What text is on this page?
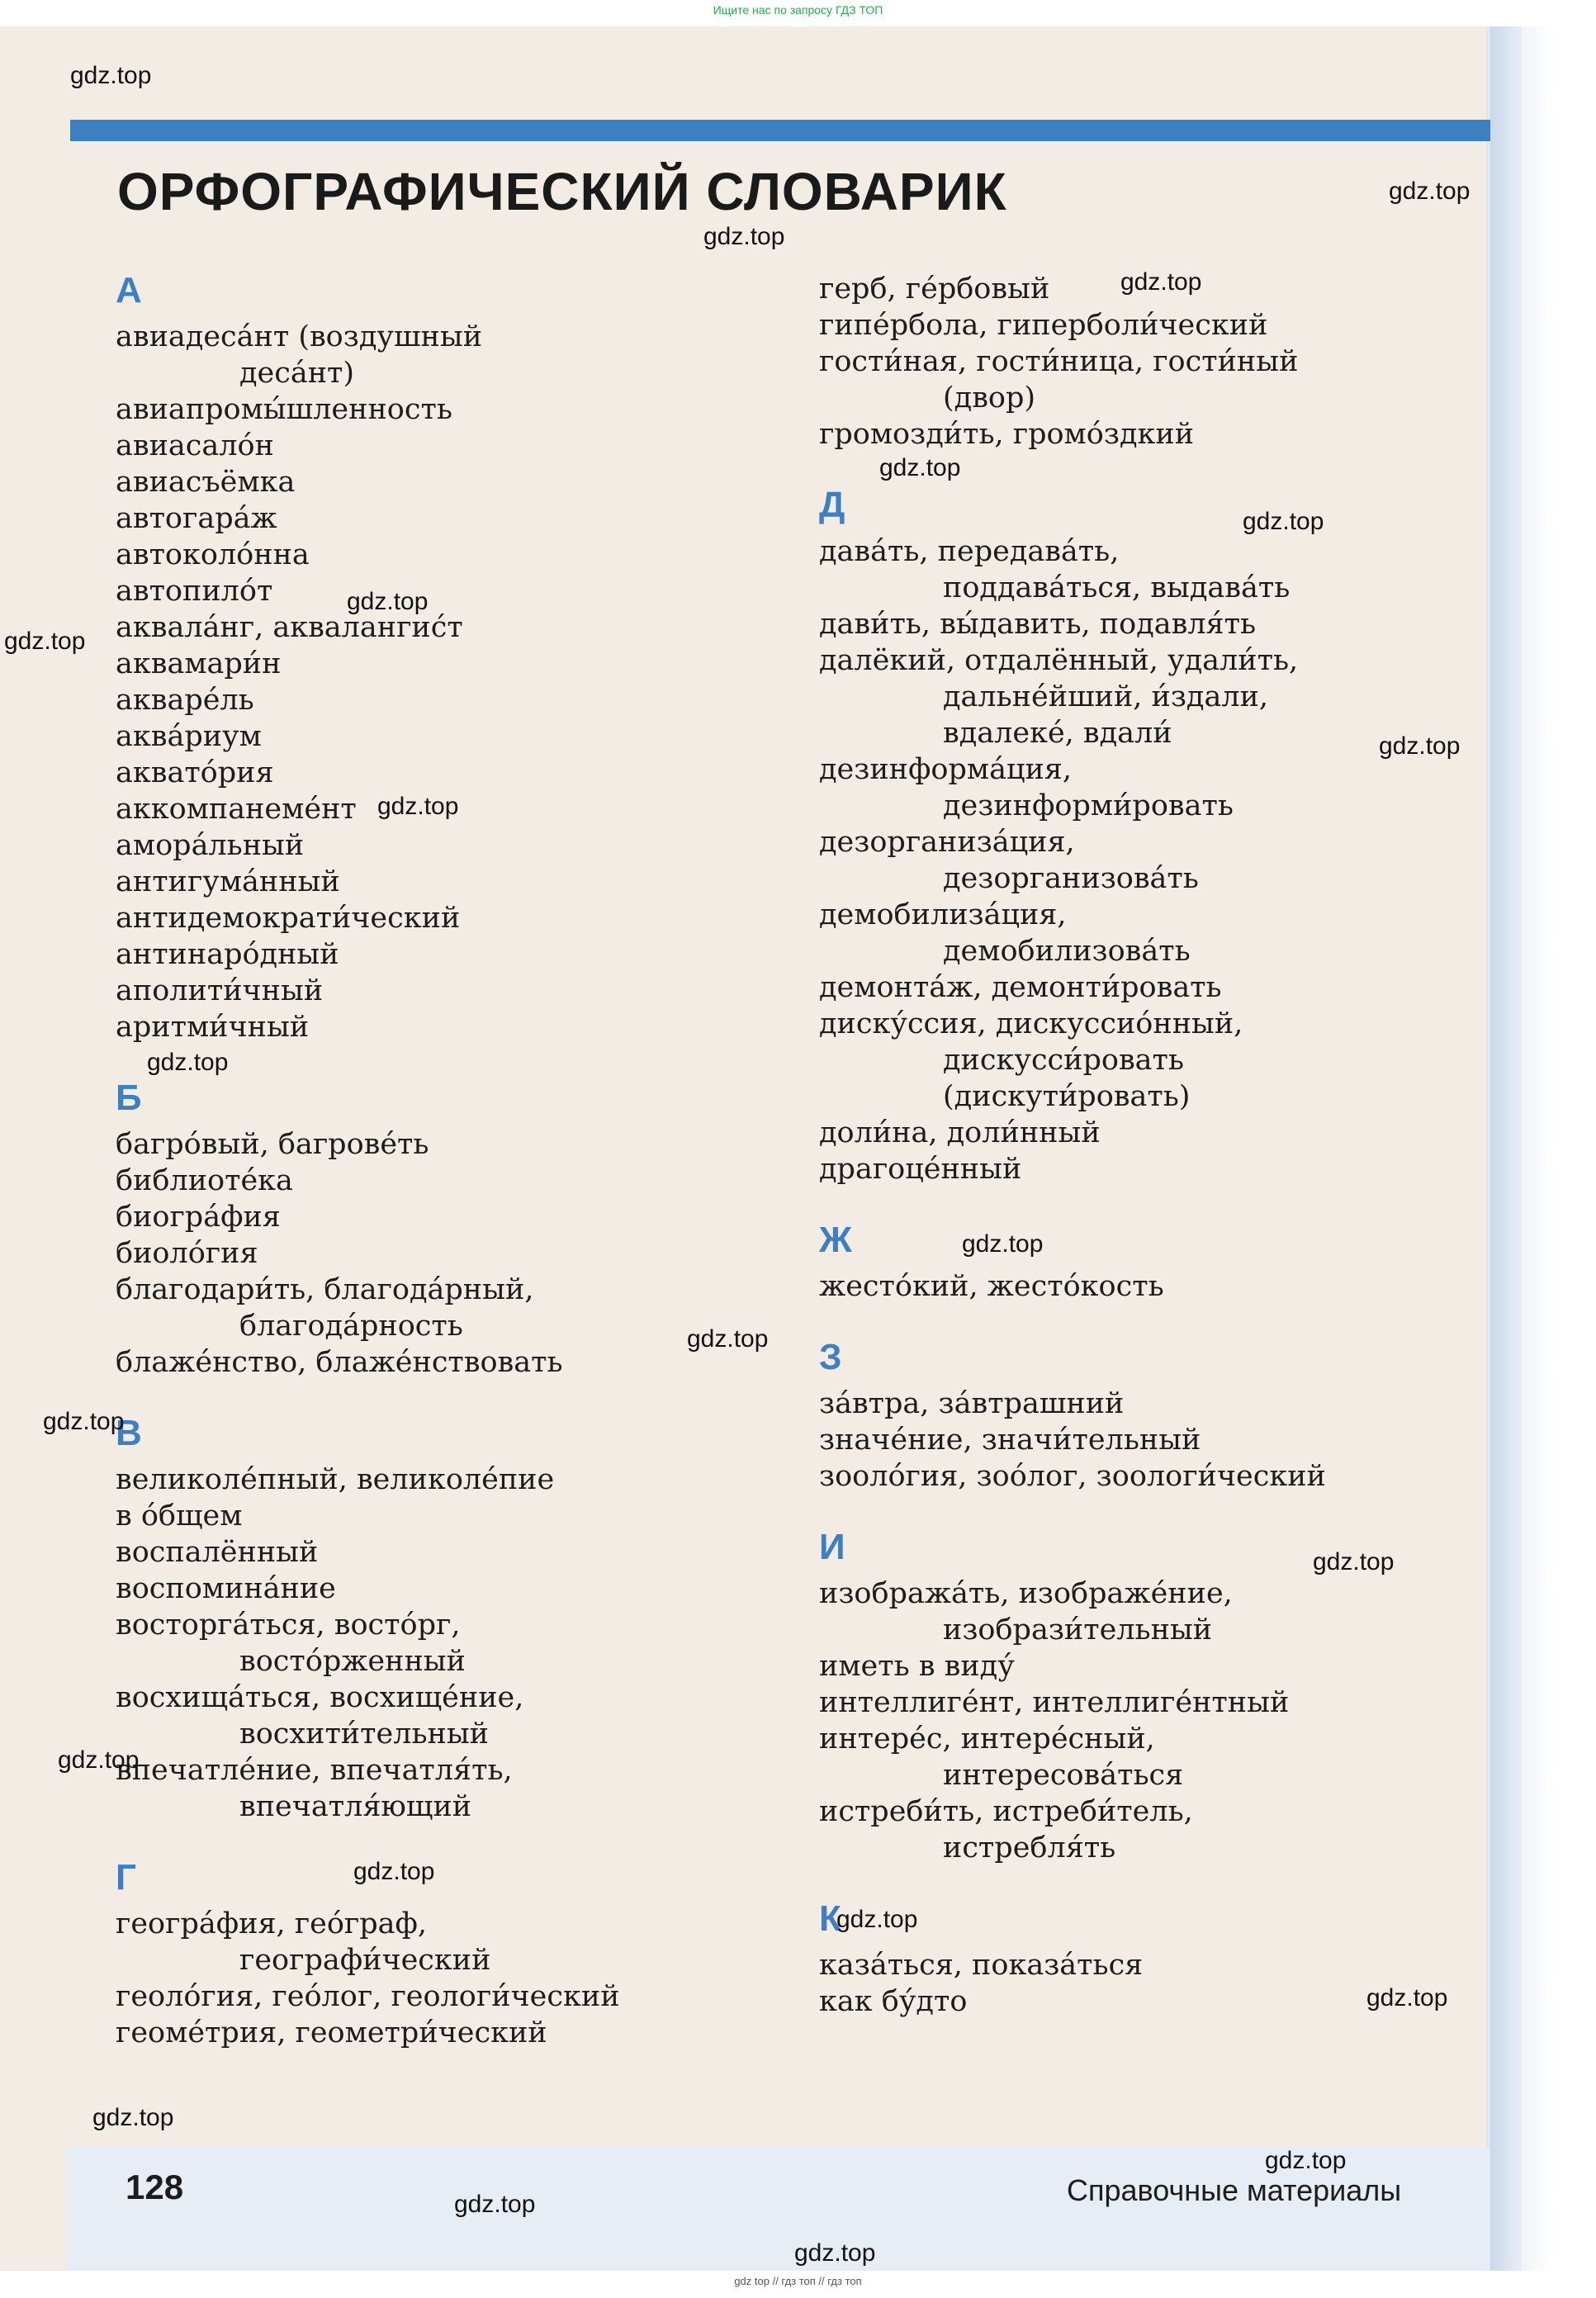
Ищите нас по запросу ГДЗ ТОП
ОРФОГРАФИЧЕСКИЙ СЛОВАРИК
А
авиадеса́нт (воздушный
деса́нт)
авиапромы́шленность
авиасало́н
авиасъёмка
автогара́ж
автоколо́нна
автопило́т
аквала́нг, аквалангис́т
аквамари́н
акваре́ль
аква́риум
аквато́рия
аккомпанеме́нт
амора́льный
антигума́нный
антидемократи́ческий
антинаро́дный
аполити́чный
аритми́чный
Б
багро́вый, багрове́ть
библиоте́ка
биогра́фия
биоло́гия
благодари́ть, благода́рный,
благода́рность
блаже́нство, блаже́нствовать
В
великоле́пный, великоле́пие
в о́бщем
воспалённый
воспомина́ние
восторга́ться, восто́рг,
восто́рженный
восхища́ться, восхище́ние,
восхити́тельный
впечатле́ние, впечатля́ть,
впечатля́ющий
Г
геогра́фия, гео́граф,
географи́ческий
геоло́гия, гео́лог, геологи́ческий
геоме́трия, геометри́ческий
герб, ге́рбовый
гипе́рбола, гиперболи́ческий
гости́ная, гости́ница, гости́ный
(двор)
громозди́ть, громо́здкий
Д
дава́ть, передава́ть,
поддава́ться, выдава́ть
дави́ть, вы́давить, подавля́ть
далёкий, отдалённый, удали́ть,
дальне́йший, и́здали,
вдалеке́, вдали́
дезинформа́ция,
дезинформи́ровать
дезорганиза́ция,
дезорганизова́ть
демобилиза́ция,
демобилизова́ть
демонта́ж, демонти́ровать
диску́ссия, дискуссио́нный,
дискусси́ровать
(дискути́ровать)
доли́на, доли́нный
драгоце́нный
Ж
жесто́кий, жесто́кость
З
за́втра, за́втрашний
значе́ние, значи́тельный
зооло́гия, зоо́лог, зоологи́ческий
И
изобража́ть, изображе́ние,
изобрази́тельный
иметь в виду́
интеллиге́нт, интеллиге́нтный
интере́с, интере́сный,
интересова́ться
истреби́ть, истреби́тель,
истребля́ть
К
каза́ться, показа́ться
как бу́дто
128	Справочные материалы
gdz.top
gdz.top
gdz.top
gdz.top
gdz.top
gdz.top
gdz.top
gdz.top
gdz.top
gdz.top
gdz.top
gdz.top
gdz.top
gdz.top
gdz.top
gdz.top
gdz.top
gdz.top
gdz.top
gdz.top
gdz.top
gdz.top
gdz.top
gdz top // гдз топ // гдз топ
